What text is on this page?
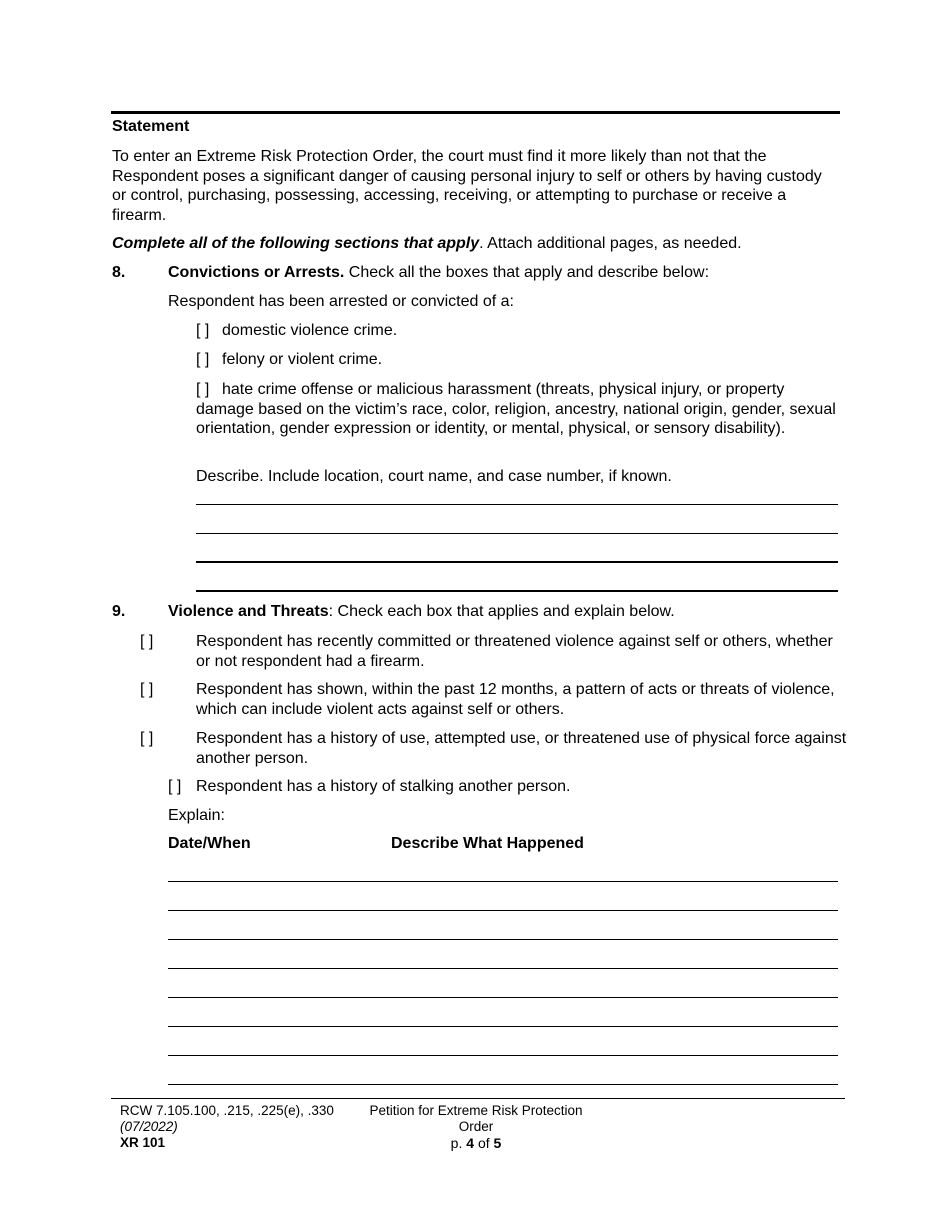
Statement
To enter an Extreme Risk Protection Order, the court must find it more likely than not that the Respondent poses a significant danger of causing personal injury to self or others by having custody or control, purchasing, possessing, accessing, receiving, or attempting to purchase or receive a firearm.
Complete all of the following sections that apply. Attach additional pages, as needed.
8.	Convictions or Arrests. Check all the boxes that apply and describe below:
Respondent has been arrested or convicted of a:
[ ] domestic violence crime.
[ ] felony or violent crime.
[ ] hate crime offense or malicious harassment (threats, physical injury, or property damage based on the victim’s race, color, religion, ancestry, national origin, gender, sexual orientation, gender expression or identity, or mental, physical, or sensory disability).
Describe. Include location, court name, and case number, if known.
9.	Violence and Threats: Check each box that applies and explain below.
[ ]	Respondent has recently committed or threatened violence against self or others, whether or not respondent had a firearm.
[ ]	Respondent has shown, within the past 12 months, a pattern of acts or threats of violence, which can include violent acts against self or others.
[ ]	Respondent has a history of use, attempted use, or threatened use of physical force against another person.
[ ] Respondent has a history of stalking another person.
Explain:
Date/When	Describe What Happened
RCW 7.105.100, .215, .225(e), .330
(07/2022)
XR 101
Petition for Extreme Risk Protection Order
p. 4 of 5
